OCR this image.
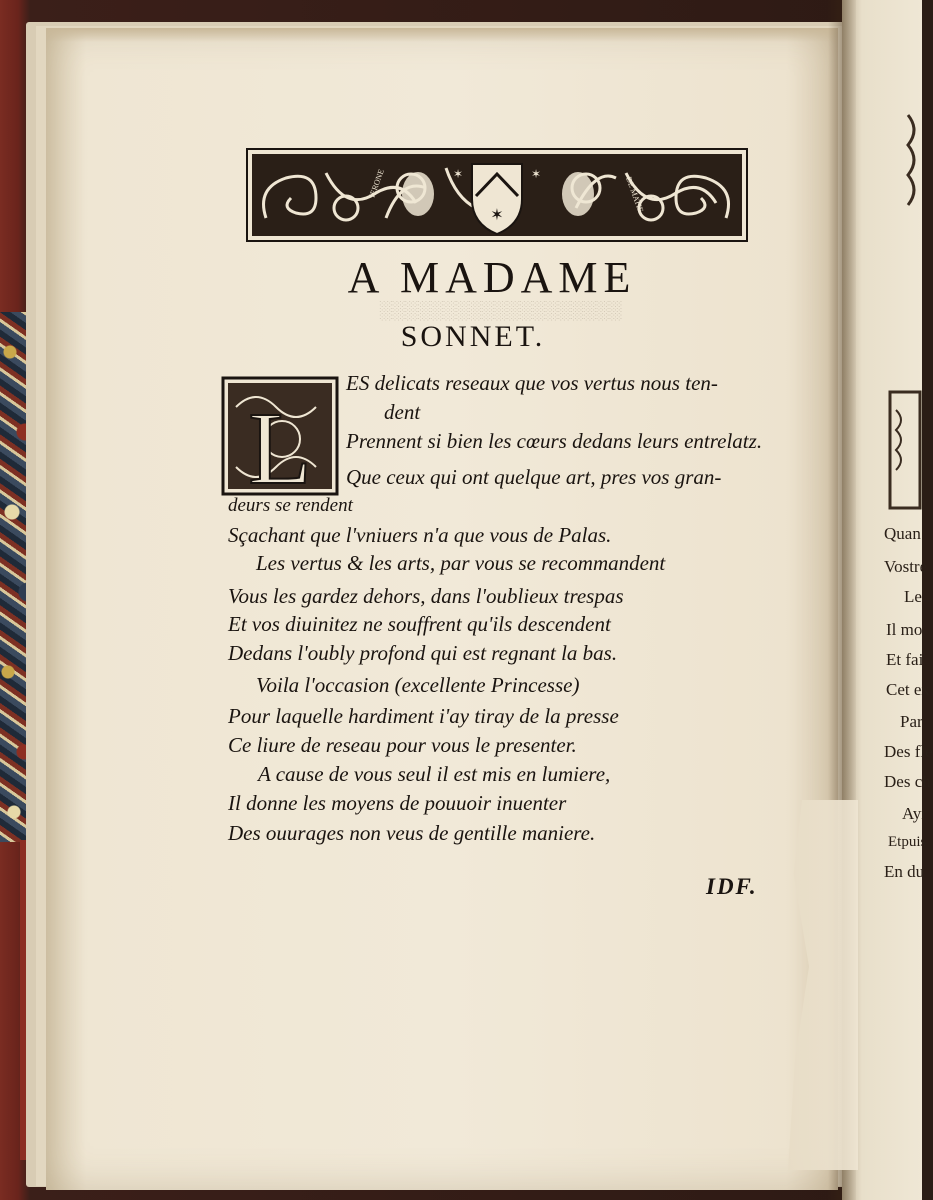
░░░░░░░░░░░░░░░░░░░
✶
✶	✶
IERONE	DE MATIE
A MADAME
SONNET.
L
ES delicats reseaux que vos vertus nous ten-
dent
Prennent si bien les cœurs dedans leurs entrelatz.
Que ceux qui ont quelque art, pres vos gran-
deurs se rendent
Sçachant que l'vniuers n'a que vous de Palas.
Les vertus & les arts, par vous se recommandent
Vous les gardez dehors, dans l'oublieux trespas
Et vos diuinitez ne souffrent qu'ils descendent
Dedans l'oubly profond qui est regnant la bas.
Voila l'occasion (excellente Princesse)
Pour laquelle hardiment i'ay tiray de la presse
Ce liure de reseau pour vous le presenter.
A cause de vous seul il est mis en lumiere,
Il donne les moyens de pouuoir inuenter
Des ouurages non veus de gentille maniere.
IDF.
Quan
Vostre
Le
Il mo
Et fai
Cet ex
Par
Des fle
Des ch
Ayr
Etpuis
En du
